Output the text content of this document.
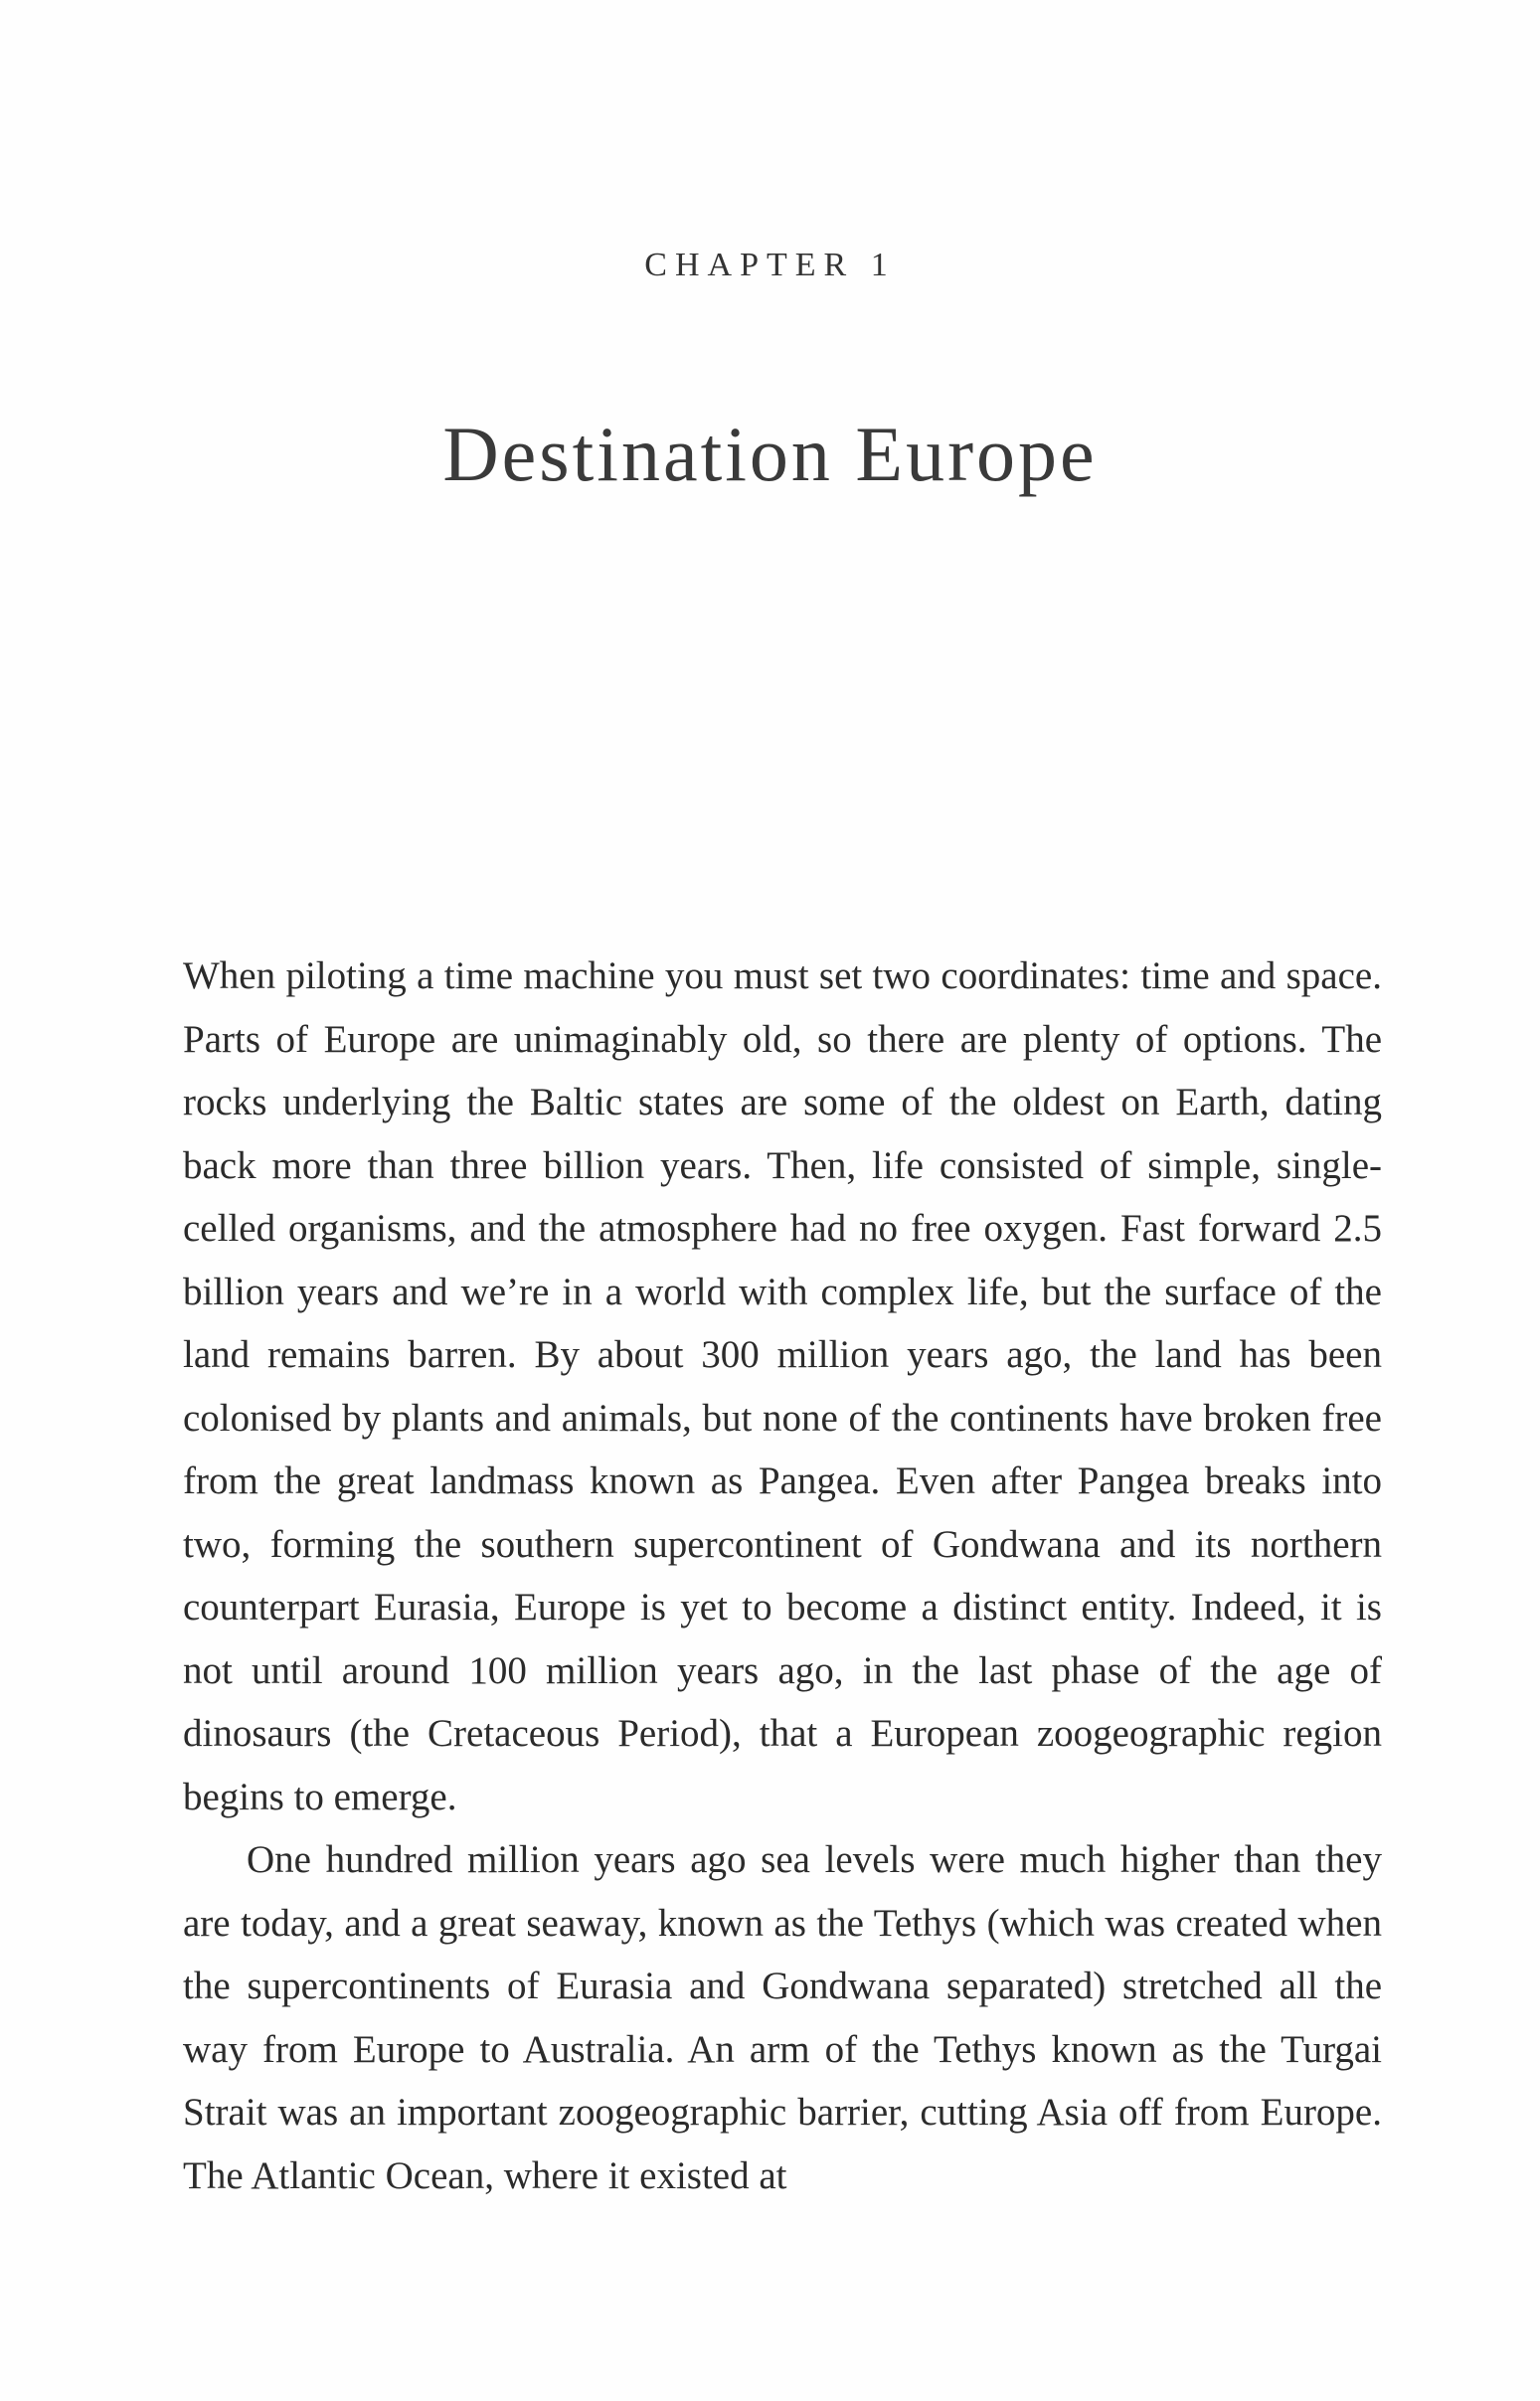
CHAPTER 1
Destination Europe

When piloting a time machine you must set two coordinates: time and space. Parts of Europe are unimaginably old, so there are plenty of options. The rocks underlying the Baltic states are some of the oldest on Earth, dating back more than three billion years. Then, life consisted of simple, single-celled organisms, and the atmosphere had no free oxygen. Fast forward 2.5 billion years and we’re in a world with complex life, but the surface of the land remains barren. By about 300 million years ago, the land has been colonised by plants and animals, but none of the continents have broken free from the great landmass known as Pangea. Even after Pangea breaks into two, forming the southern supercontinent of Gondwana and its northern counterpart Eurasia, Europe is yet to become a distinct entity. Indeed, it is not until around 100 million years ago, in the last phase of the age of dinosaurs (the Cretaceous Period), that a European zoogeographic region begins to emerge.

One hundred million years ago sea levels were much higher than they are today, and a great seaway, known as the Tethys (which was created when the supercontinents of Eurasia and Gondwana separated) stretched all the way from Europe to Australia. An arm of the Tethys known as the Turgai Strait was an important zoogeographic barrier, cutting Asia off from Europe. The Atlantic Ocean, where it existed at
